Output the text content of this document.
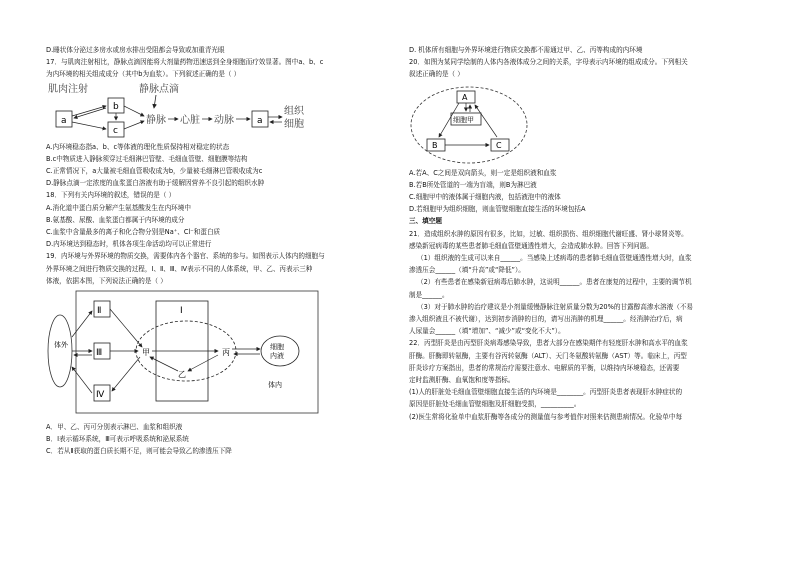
D.睡状体分泌过多房水或房水排出受阻都会导致或加重青光眼
17．与肌肉注射相比，静脉点滴因能将大剂量药物迅速送到全身细胞而疗效显著。图中a、b、c
为内环境的相关组成成分（其中b为血浆）。下列叙述正确的是（ ）
肌肉注射	静脉点滴
a
b
c
静脉 心脏 动脉	a
组织
细胞
A.内环境稳态指a、b、c等体液的理化性质保持相对稳定的状态
B.c中物质进入静脉须穿过毛细淋巴管壁、毛细血管壁、细胞膜等结构
C.正常情况下，a大量被毛细血管吸收成为b，少量被毛细淋巴管吸收成为c
D.静脉点滴一定浓度的血浆蛋白溶液有助于缓解因营养不良引起的组织水肿
18．下列有关内环境的叙述，错误的是（ ）
A.消化道中蛋白质分解产生氨基酸发生在内环境中
B.氨基酸、尿酸、血浆蛋白都属于内环境的成分
C.血浆中含量最多的离子和化合物分别是Na⁺、Cl⁻和蛋白质
D.内环境达到稳态时，机体各项生命活动均可以正常进行
19．内环境与外界环境的物质交换，需要体内各个器官、系统的参与。如图表示人体内的细胞与
外界环境之间进行物质交换的过程，Ⅰ、Ⅱ、Ⅲ、Ⅳ表示不同的人体系统，甲、乙、丙表示三种
体液，依据本图，下列说法正确的是（ ）
体外
Ⅱ
Ⅲ
Ⅳ
Ⅰ
甲
乙
丙
细胞
内液
体内
A．甲、乙、丙可分别表示淋巴、血浆和组织液
B．Ⅰ表示循环系统，Ⅲ可表示呼吸系统和泌尿系统
C．若从Ⅱ获取的蛋白质长期不足，则可能会导致乙的渗透压下降
D. 机体所有细胞与外界环境进行物质交换都不需通过甲、乙、丙等构成的内环境
20．如图为某同学绘制的人体内各液体成分之间的关系，字母表示内环境的组成成分。下列相关
叙述正确的是（ ）
A
B	C
细胞甲
A.若A、C之间是双向箭头，则一定是组织液和血浆
B.若B所处管道的一端为盲端，则B为淋巴液
C.细胞甲中的液体属于细胞内液，包括液泡中的液体
D.若细胞甲为组织细胞，则血管壁细胞直接生活的环境包括A
三、填空题
21．造成组织水肿的原因有很多，比如，过敏、组织损伤、组织细胞代谢旺盛、肾小球肾炎等。
感染新冠病毒的某些患者肺毛细血管壁通透性增大，会造成肺水肿。回答下列问题。
（1）组织液的生成可以来自______。当感染上述病毒的患者肺毛细血管壁通透性增大时，血浆
渗透压会______（填“升高”或“降低”）。
（2）有些患者在感染新冠病毒后肺水肿，这说明______。患者在康复的过程中，主要的调节机
制是______。
（3）对于肺水肿的治疗建议是小剂量缓慢静脉注射质量分数为20%的甘露醇高渗水溶液（不易
渗入组织液且不被代谢），达到初步消肿的目的，请写出消肿的机理______。经消肿治疗后，病
人尿量会______（填“增加”、“减少”或“变化不大”）。
22．丙型肝炎是由丙型肝炎病毒感染导致，患者大部分在感染期伴有轻度肝水肿和高水平的血浆
肝酶。肝酶即转氨酶，主要有谷丙转氨酶（ALT）、天门冬氨酸转氨酶（AST）等。临床上，丙型
肝炎诊疗方案指出，患者的常规治疗需要注意水、电解质的平衡，以维持内环境稳态，还需要
定时监测肝酶、血氧饱和度等指标。
(1)人的肝脏处毛细血管壁细胞直接生活的内环境是________。丙型肝炎患者表现肝水肿症状的
原因是肝脏处毛细血管壁细胞及肝细胞受损，__________。
(2)医生常将化验单中血浆肝酶等各成分的测量值与参考值作对照来估测患病情况。化验单中每
